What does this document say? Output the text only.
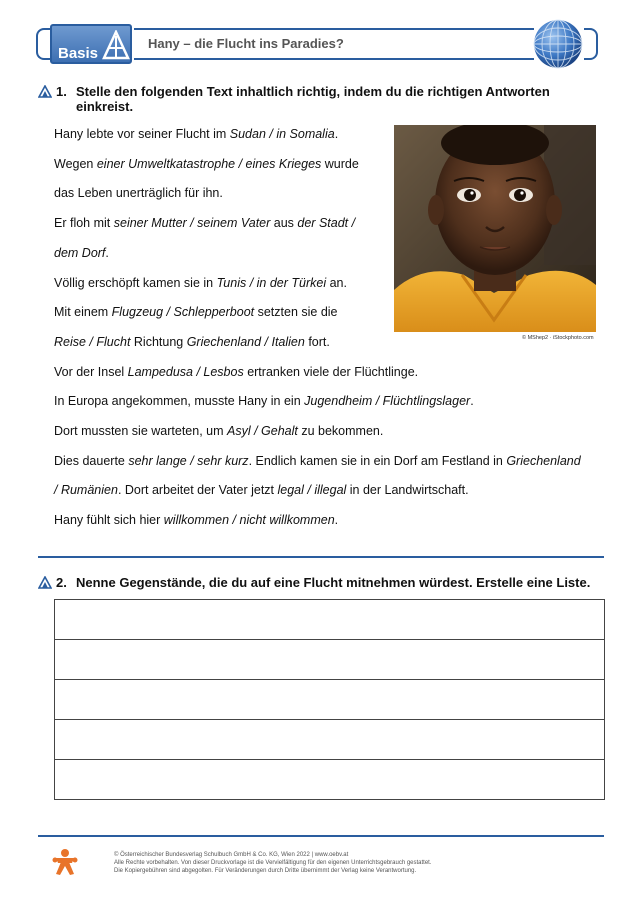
Basis
Hany – die Flucht ins Paradies?
1. Stelle den folgenden Text inhaltlich richtig, indem du die richtigen Antworten
einkreist.
Hany lebte vor seiner Flucht im Sudan / in Somalia.
Wegen einer Umweltkatastrophe / eines Krieges wurde
das Leben unerträglich für ihn.
Er floh mit seiner Mutter / seinem Vater aus der Stadt /
dem Dorf.
Völlig erschöpft kamen sie in Tunis / in der Türkei an.
Mit einem Flugzeug / Schlepperboot setzten sie die
Reise / Flucht Richtung Griechenland / Italien fort.
Vor der Insel Lampedusa / Lesbos ertranken viele der Flüchtlinge.
In Europa angekommen, musste Hany in ein Jugendheim / Flüchtlingslager.
Dort mussten sie warteten, um Asyl / Gehalt zu bekommen.
Dies dauerte sehr lange / sehr kurz. Endlich kamen sie in ein Dorf am Festland in Griechenland
/ Rumänien. Dort arbeitet der Vater jetzt legal / illegal in der Landwirtschaft.
Hany fühlt sich hier willkommen / nicht willkommen.
© MShep2 · iStockphoto.com
2. Nenne Gegenstände, die du auf eine Flucht mitnehmen würdest. Erstelle eine Liste.
© Österreichischer Bundesverlag Schulbuch GmbH & Co. KG, Wien 2022 | www.oebv.at
Alle Rechte vorbehalten. Von dieser Druckvorlage ist die Vervielfältigung für den eigenen Unterrichtsgebrauch gestattet.
Die Kopiergebühren sind abgegolten. Für Veränderungen durch Dritte übernimmt der Verlag keine Verantwortung.
